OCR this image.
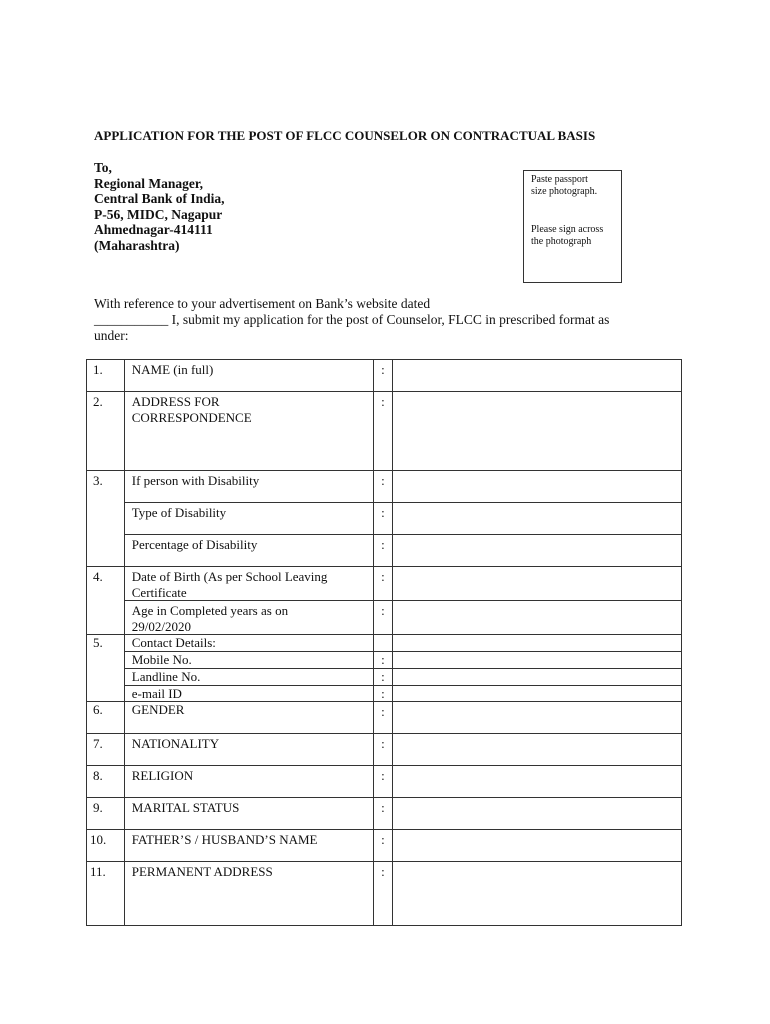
APPLICATION FOR THE POST OF FLCC COUNSELOR ON CONTRACTUAL BASIS
To,
Regional Manager,
Central Bank of India,
P-56, MIDC, Nagapur
Ahmednagar-414111
(Maharashtra)
Paste passport
size photograph.
Please sign across
the photograph
With reference to your advertisement on Bank’s website dated
___________ I, submit my application for the post of Counselor, FLCC in prescribed format as
under:
1.	NAME (in full)	:	
2.	ADDRESS FOR
CORRESPONDENCE	:	
3.	If person with Disability	:	
	Type of Disability	:	
	Percentage of Disability	:	
4.	Date of Birth (As per School Leaving
Certificate	:	

	Age in Completed years as on
29/02/2020	:	
5.	Contact Details:		
	Mobile No.	:	
	Landline No.	:	
	e-mail ID	:	
6.	GENDER	:	
7.	NATIONALITY	:	
8.	RELIGION	:	
9.	MARITAL STATUS	:	
10.	FATHER’S / HUSBAND’S NAME	:	
11.	PERMANENT ADDRESS	:	
